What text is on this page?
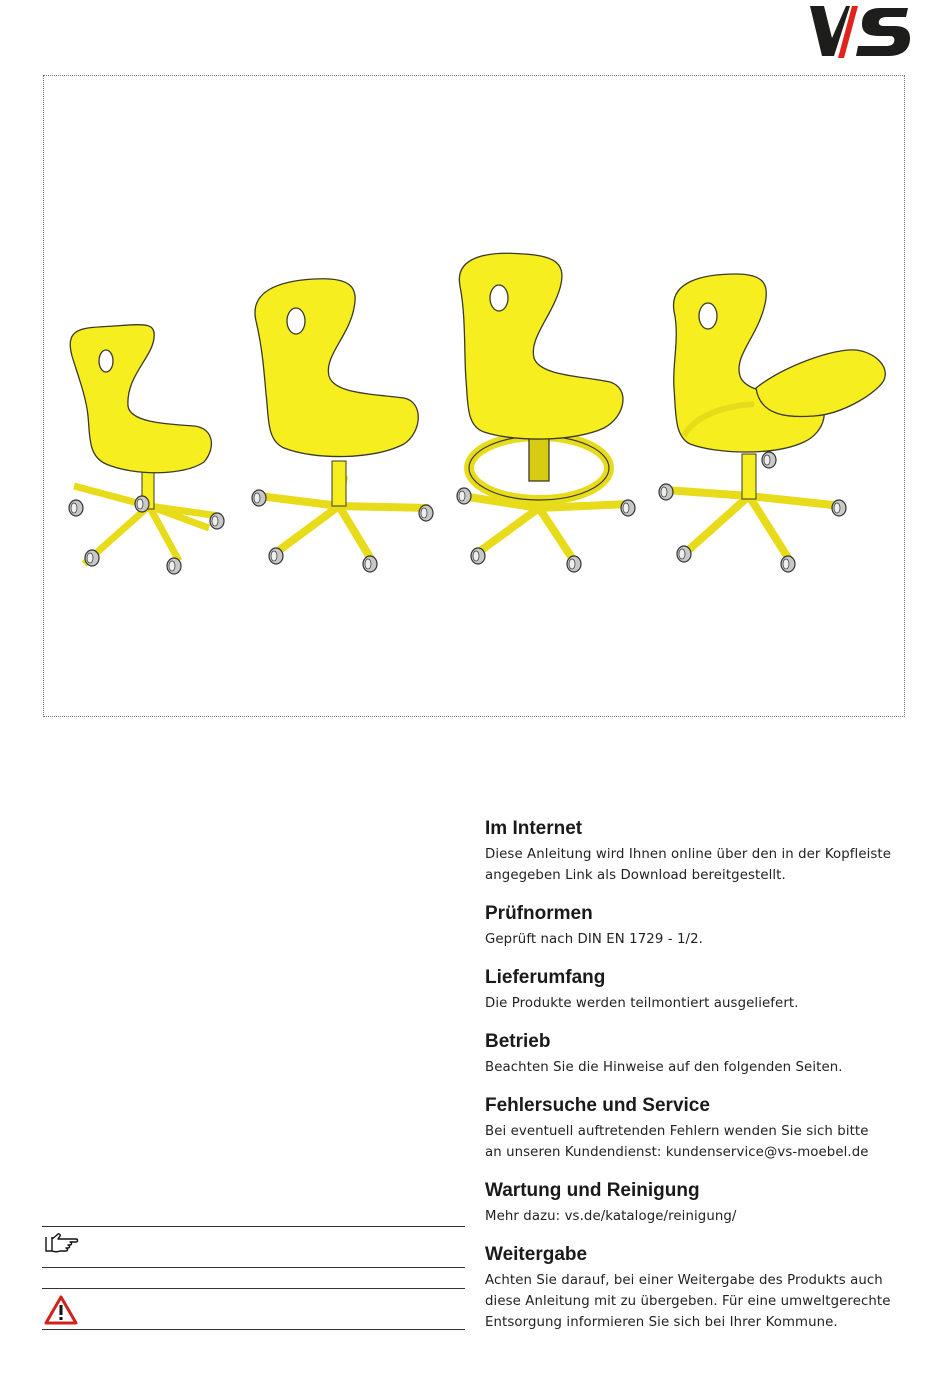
Im Internet

Diese Anleitung wird Ihnen online über den in der Kopfleiste
angegeben Link als Download bereitgestellt.

Prüfnormen

Geprüft nach DIN EN 1729 - 1/2.

Lieferumfang

Die Produkte werden teilmontiert ausgeliefert.

Betrieb

Beachten Sie die Hinweise auf den folgenden Seiten.

Fehlersuche und Service

Bei eventuell auftretenden Fehlern wenden Sie sich bitte
an unseren Kundendienst: kundenservice@vs-moebel.de

Wartung und Reinigung

Mehr dazu: vs.de/kataloge/reinigung/

Weitergabe

Achten Sie darauf, bei einer Weitergabe des Produkts auch
diese Anleitung mit zu übergeben. Für eine umweltgerechte
Entsorgung informieren Sie sich bei Ihrer Kommune.
